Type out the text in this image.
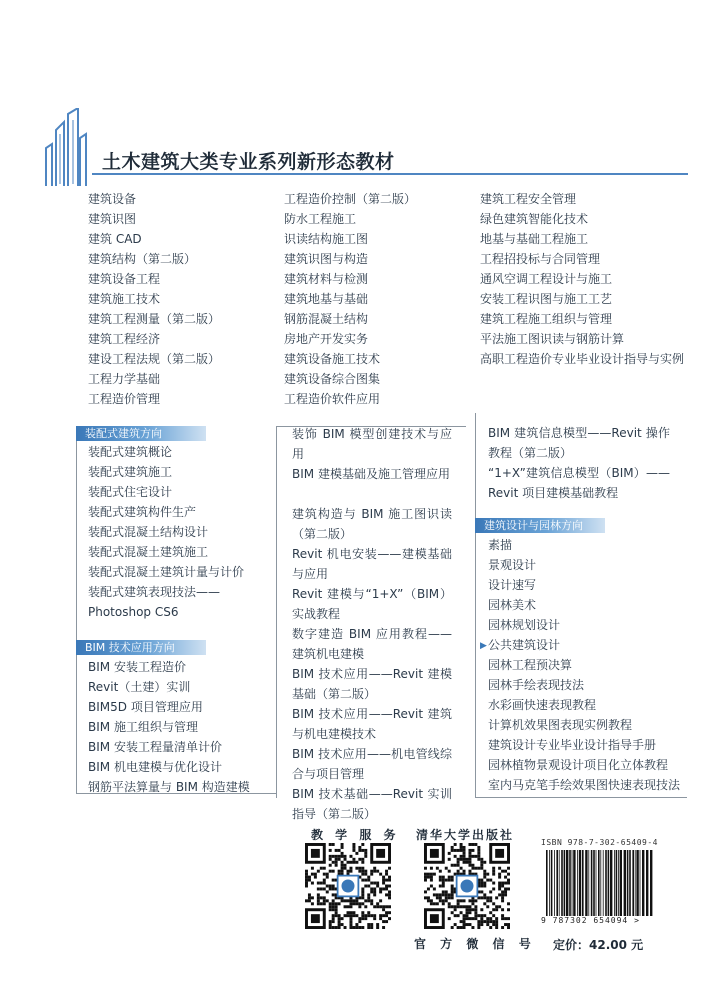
土木建筑大类专业系列新形态教材
建筑设备
建筑识图
建筑 CAD
建筑结构（第二版）
建筑设备工程
建筑施工技术
建筑工程测量（第二版）
建筑工程经济
建设工程法规（第二版）
工程力学基础
工程造价管理
工程造价控制（第二版）
防水工程施工
识读结构施工图
建筑识图与构造
建筑材料与检测
建筑地基与基础
钢筋混凝土结构
房地产开发实务
建筑设备施工技术
建筑设备综合图集
工程造价软件应用
建筑工程安全管理
绿色建筑智能化技术
地基与基础工程施工
工程招投标与合同管理
通风空调工程设计与施工
安装工程识图与施工工艺
建筑工程施工组织与管理
平法施工图识读与钢筋计算
高职工程造价专业毕业设计指导与实例
装配式建筑方向
装配式建筑概论
装配式建筑施工
装配式住宅设计
装配式建筑构件生产
装配式混凝土结构设计
装配式混凝土建筑施工
装配式混凝土建筑计量与计价
装配式建筑表现技法——
Photoshop CS6
BIM 技术应用方向
BIM 安装工程造价
Revit（土建）实训
BIM5D 项目管理应用
BIM 施工组织与管理
BIM 安装工程量清单计价
BIM 机电建模与优化设计
钢筋平法算量与 BIM 构造建模
装饰 BIM 模型创建技术与应用
BIM 建模基础及施工管理应用
建筑构造与 BIM 施工图识读（第二版）
Revit 机电安装——建模基础与应用
Revit 建模与“1+X”（BIM）实战教程
数字建造 BIM 应用教程——建筑机电建模
BIM 技术应用——Revit 建模基础（第二版）
BIM 技术应用——Revit 建筑与机电建模技术
BIM 技术应用——机电管线综合与项目管理
BIM 技术基础——Revit 实训指导（第二版）
BIM 建筑信息模型——Revit 操作教程（第二版）
“1+X”建筑信息模型（BIM）——Revit 项目建模基础教程
建筑设计与园林方向
素描
景观设计
设计速写
园林美术
园林规划设计
公共建筑设计
园林工程预决算
园林手绘表现技法
水彩画快速表现教程
计算机效果图表现实例教程
建筑设计专业毕业设计指导手册
园林植物景观设计项目化立体教程
室内马克笔手绘效果图快速表现技法
▶
教 学 服 务 清华大学出版社
官 方 微 信 号
ISBN 978-7-302-65409-4
9 787302 654094 >
定价：42.00 元
